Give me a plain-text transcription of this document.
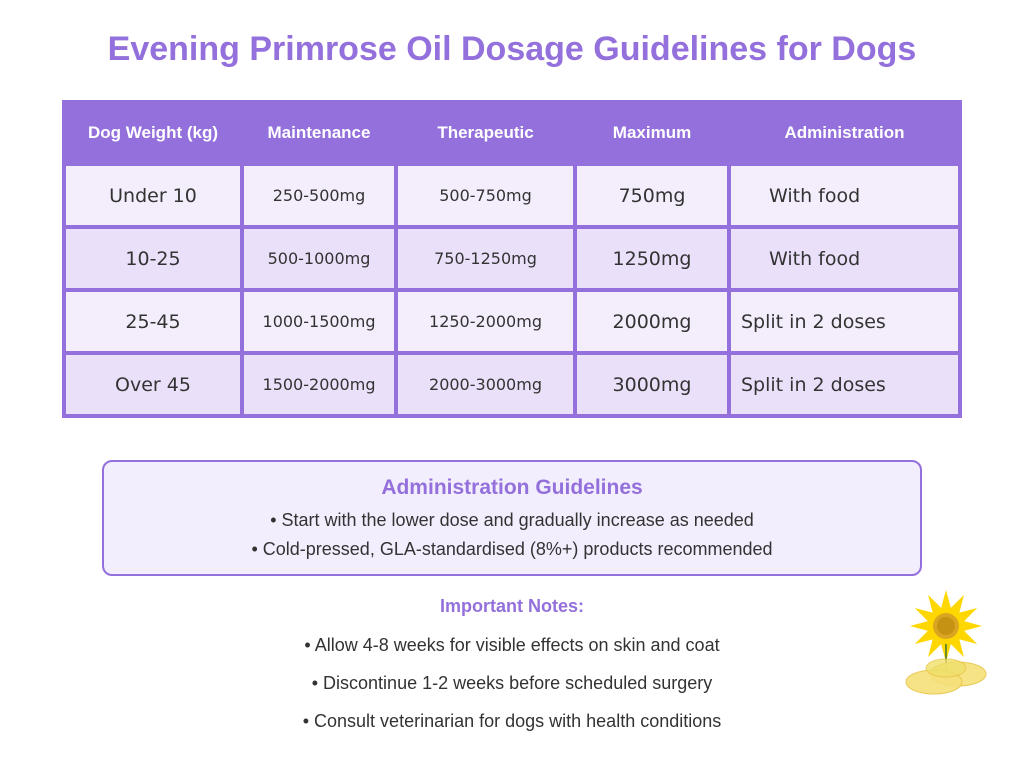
Evening Primrose Oil Dosage Guidelines for Dogs
Dog Weight (kg)	Maintenance	Therapeutic	Maximum	Administration
Under 10	250-500mg	500-750mg	750mg	With food
10-25	500-1000mg	750-1250mg	1250mg	With food
25-45	1000-1500mg	1250-2000mg	2000mg	Split in 2 doses
Over 45	1500-2000mg	2000-3000mg	3000mg	Split in 2 doses
Administration Guidelines
• Start with the lower dose and gradually increase as needed
• Cold-pressed, GLA-standardised (8%+) products recommended
Important Notes:
• Allow 4-8 weeks for visible effects on skin and coat
• Discontinue 1-2 weeks before scheduled surgery
• Consult veterinarian for dogs with health conditions
